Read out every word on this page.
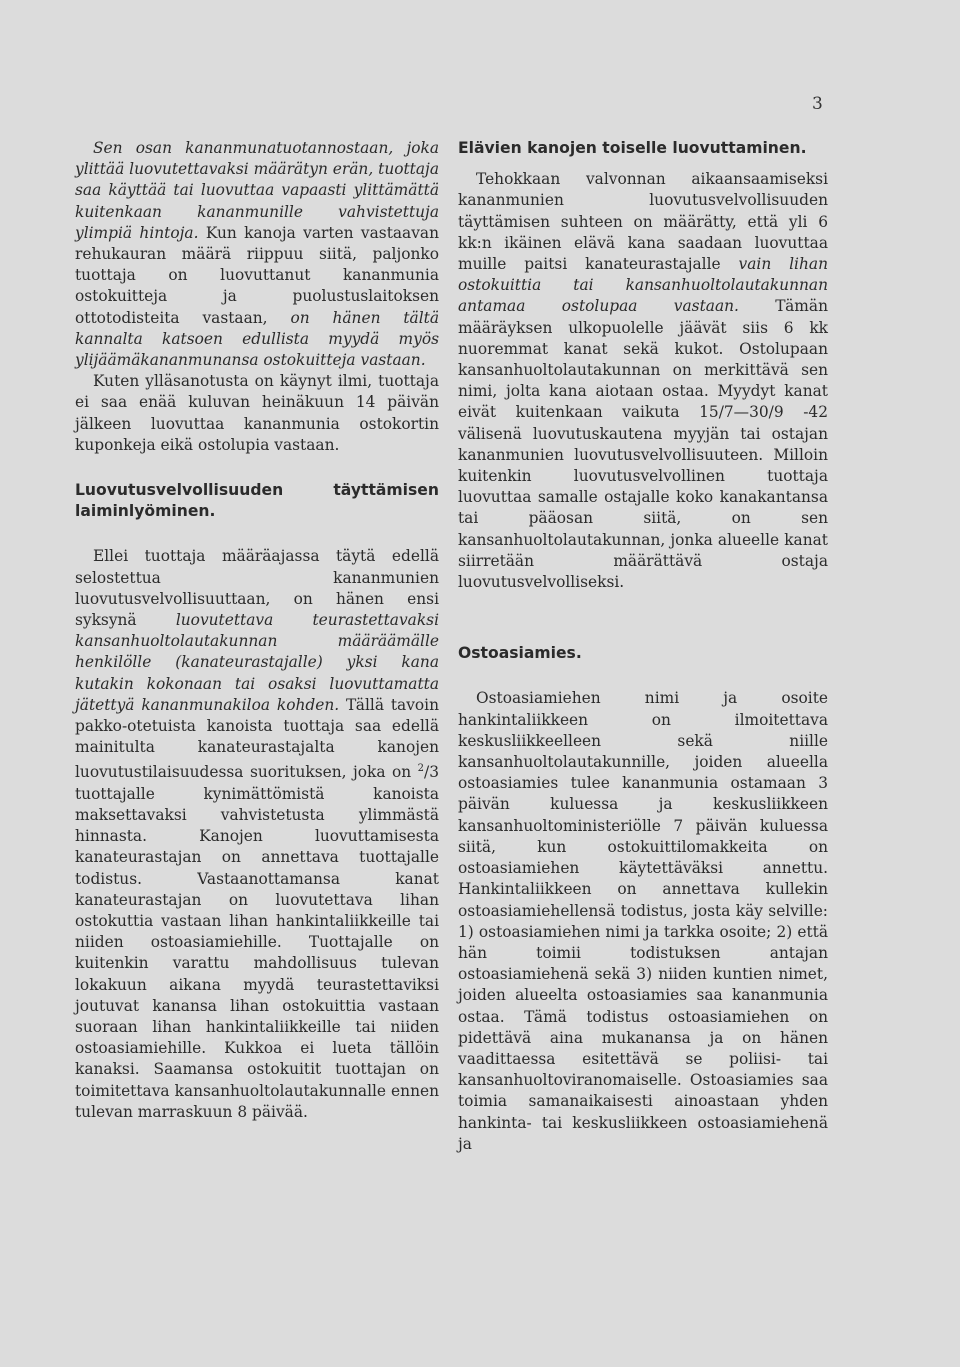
3

Sen osan kananmunatuotannostaan, joka ylittää luovutettavaksi määrätyn erän, tuottaja saa käyttää tai luovuttaa vapaasti ylittämättä kuitenkaan kananmunille vahvistettuja ylimpiä hintoja. Kun kanoja varten vastaavan rehukauran määrä riippuu siitä, paljonko tuottaja on luovuttanut kananmunia ostokuitteja ja puolustuslaitoksen ottotodisteita vastaan, on hänen tältä kannalta katsoen edullista myydä myös ylijäämäkananmunansa ostokuitteja vastaan.

Kuten ylläsanotusta on käynyt ilmi, tuottaja ei saa enää kuluvan heinäkuun 14 päivän jälkeen luovuttaa kananmunia ostokortin kuponkeja eikä ostolupia vastaan.

Luovutusvelvollisuuden täyttämisen laiminlyöminen.

Ellei tuottaja määräajassa täytä edellä selostettua kananmunien luovutusvelvollisuuttaan, on hänen ensi syksynä luovutettava teurastettavaksi kansanhuoltolautakunnan määräämälle henkilölle (kanateurastajalle) yksi kana kutakin kokonaan tai osaksi luovuttamatta jätettyä kananmunakiloa kohden. Tällä tavoin pakko-otetuista kanoista tuottaja saa edellä mainitulta kanateurastajalta kanojen luovutustilaisuudessa suorituksen, joka on $^2$/3 tuottajalle kynimättömistä kanoista maksettavaksi vahvistetusta ylimmästä hinnasta. Kanojen luovuttamisesta kanateurastajan on annettava tuottajalle todistus. Vastaanottamansa kanat kanateurastajan on luovutettava lihan ostokuttia vastaan lihan hankintaliikkeille tai niiden ostoasiamiehille. Tuottajalle on kuitenkin varattu mahdollisuus tulevan lokakuun aikana myydä teurastettaviksi joutuvat kanansa lihan ostokuittia vastaan suoraan lihan hankintaliikkeille tai niiden ostoasiamiehille. Kukkoa ei lueta tällöin kanaksi. Saamansa ostokuitit tuottajan on toimitettava kansanhuoltolautakunnalle ennen tulevan marraskuun 8 päivää.

Elävien kanojen toiselle luovuttaminen.

Tehokkaan valvonnan aikaansaamiseksi kananmunien luovutusvelvollisuuden täyttämisen suhteen on määrätty, että yli 6 kk:n ikäinen elävä kana saadaan luovuttaa muille paitsi kanateurastajalle vain lihan ostokuittia tai kansanhuoltolautakunnan antamaa ostolupaa vastaan. Tämän määräyksen ulkopuolelle jäävät siis 6 kk nuoremmat kanat sekä kukot. Ostolupaan kansanhuoltolautakunnan on merkittävä sen nimi, jolta kana aiotaan ostaa. Myydyt kanat eivät kuitenkaan vaikuta 15/7—30/9 -42 välisenä luovutuskautena myyjän tai ostajan kananmunien luovutusvelvollisuuteen. Milloin kuitenkin luovutusvelvollinen tuottaja luovuttaa samalle ostajalle koko kanakantansa tai pääosan siitä, on sen kansanhuoltolautakunnan, jonka alueelle kanat siirretään määrättävä ostaja luovutusvelvolliseksi.

Ostoasiamies.

Ostoasiamiehen nimi ja osoite hankintaliikkeen on ilmoitettava keskusliikkeelleen sekä niille kansanhuoltolautakunnille, joiden alueella ostoasiamies tulee kananmunia ostamaan 3 päivän kuluessa ja keskusliikkeen kansanhuoltoministeriölle 7 päivän kuluessa siitä, kun ostokuittilomakkeita on ostoasiamiehen käytettäväksi annettu. Hankintaliikkeen on annettava kullekin ostoasiamiehellensä todistus, josta käy selville: 1) ostoasiamiehen nimi ja tarkka osoite; 2) että hän toimii todistuksen antajan ostoasiamiehenä sekä 3) niiden kuntien nimet, joiden alueelta ostoasiamies saa kananmunia ostaa. Tämä todistus ostoasiamiehen on pidettävä aina mukanansa ja on hänen vaadittaessa esitettävä se poliisi- tai kansanhuoltoviranomaiselle. Ostoasiamies saa toimia samanaikaisesti ainoastaan yhden hankinta- tai keskusliikkeen ostoasiamiehenä ja
